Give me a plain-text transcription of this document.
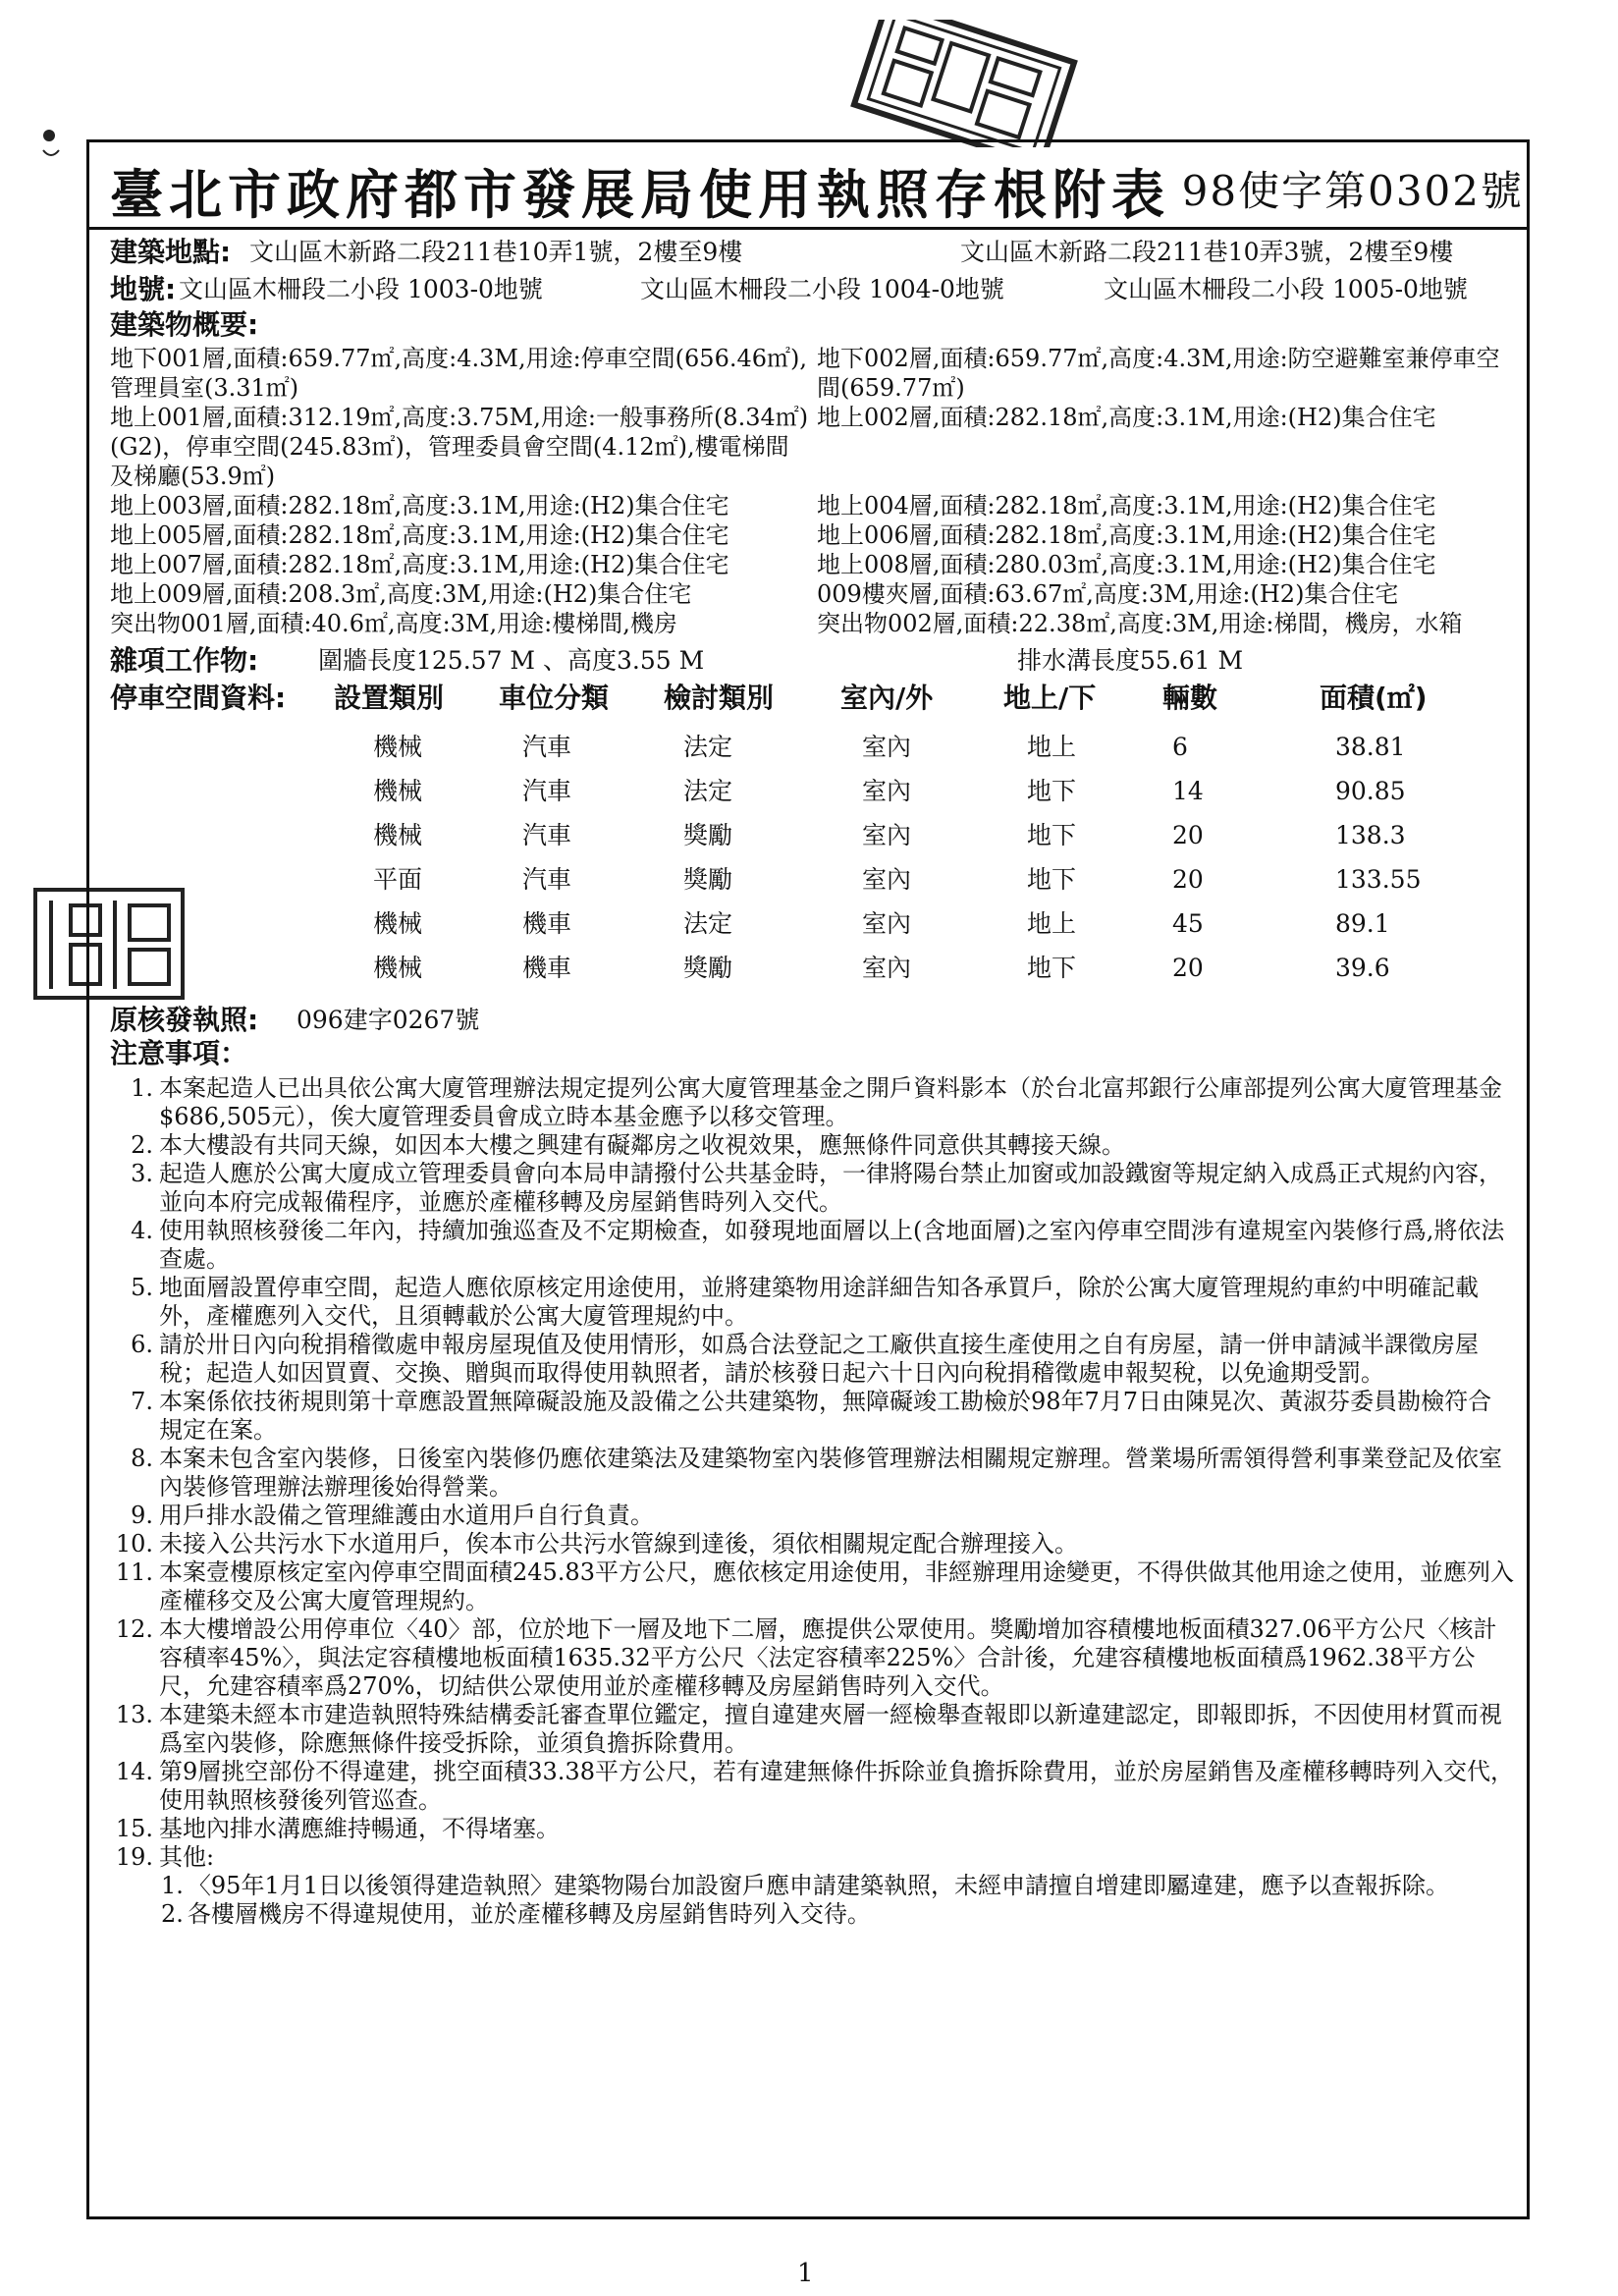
臺北市政府都市發展局使用執照存根附表 98使字第0302號
建築地點: 文山區木新路二段211巷10弄1號，2樓至9樓	文山區木新路二段211巷10弄3號，2樓至9樓
地號: 文山區木柵段二小段 1003-0地號	文山區木柵段二小段 1004-0地號	文山區木柵段二小段 1005-0地號
建築物概要:
地下001層,面積:659.77㎡,高度:4.3M,用途:停車空間(656.46㎡),管理員室(3.31㎡)
地下002層,面積:659.77㎡,高度:4.3M,用途:防空避難室兼停車空間(659.77㎡)
地上001層,面積:312.19㎡,高度:3.75M,用途:一般事務所(8.34㎡)(G2)，停車空間(245.83㎡)，管理委員會空間(4.12㎡),樓電梯間及梯廳(53.9㎡)
地上002層,面積:282.18㎡,高度:3.1M,用途:(H2)集合住宅
地上003層,面積:282.18㎡,高度:3.1M,用途:(H2)集合住宅	地上004層,面積:282.18㎡,高度:3.1M,用途:(H2)集合住宅
地上005層,面積:282.18㎡,高度:3.1M,用途:(H2)集合住宅	地上006層,面積:282.18㎡,高度:3.1M,用途:(H2)集合住宅
地上007層,面積:282.18㎡,高度:3.1M,用途:(H2)集合住宅	地上008層,面積:280.03㎡,高度:3.1M,用途:(H2)集合住宅
地上009層,面積:208.3㎡,高度:3M,用途:(H2)集合住宅	009樓夾層,面積:63.67㎡,高度:3M,用途:(H2)集合住宅
突出物001層,面積:40.6㎡,高度:3M,用途:樓梯間,機房	突出物002層,面積:22.38㎡,高度:3M,用途:梯間，機房，水箱
雜項工作物: 圍牆長度125.57 M 、高度3.55 M	排水溝長度55.61 M
停車空間資料: 設置類別 車位分類 檢討類別 室內/外	地上/下 輛數	面積(㎡)
機械	汽車	法定	室內	地上	6	38.81
機械	汽車	法定	室內	地下	14	90.85
機械	汽車	獎勵	室內	地下	20	138.3
平面	汽車	獎勵	室內	地下	20	133.55
機械	機車	法定	室內	地上	45	89.1
機械	機車	獎勵	室內	地下	20	39.6
原核發執照: 096建字0267號
注意事項：
1. 本案起造人已出具依公寓大廈管理辦法規定提列公寓大廈管理基金之開戶資料影本（於台北富邦銀行公庫部提列公寓大廈管理基金$686,505元），俟大廈管理委員會成立時本基金應予以移交管理。
2. 本大樓設有共同天線，如因本大樓之興建有礙鄰房之收視效果，應無條件同意供其轉接天線。
3. 起造人應於公寓大廈成立管理委員會向本局申請撥付公共基金時，一律將陽台禁止加窗或加設鐵窗等規定納入成爲正式規約內容，並向本府完成報備程序，並應於產權移轉及房屋銷售時列入交代。
4. 使用執照核發後二年內，持續加強巡查及不定期檢查，如發現地面層以上(含地面層)之室內停車空間涉有違規室內裝修行爲,將依法查處。
5. 地面層設置停車空間，起造人應依原核定用途使用，並將建築物用途詳細告知各承買戶，除於公寓大廈管理規約車約中明確記載外，產權應列入交代，且須轉載於公寓大廈管理規約中。
6. 請於卅日內向稅捐稽徵處申報房屋現值及使用情形，如爲合法登記之工廠供直接生產使用之自有房屋，請一併申請減半課徵房屋稅；起造人如因買賣、交換、贈與而取得使用執照者，請於核發日起六十日內向稅捐稽徵處申報契稅，以免逾期受罰。
7. 本案係依技術規則第十章應設置無障礙設施及設備之公共建築物，無障礙竣工勘檢於98年7月7日由陳晃次、黃淑芬委員勘檢符合規定在案。
8. 本案未包含室內裝修，日後室內裝修仍應依建築法及建築物室內裝修管理辦法相關規定辦理。營業場所需領得營利事業登記及依室內裝修管理辦法辦理後始得營業。
9. 用戶排水設備之管理維護由水道用戶自行負責。
10. 未接入公共污水下水道用戶，俟本市公共污水管線到達後，須依相關規定配合辦理接入。
11. 本案壹樓原核定室內停車空間面積245.83平方公尺，應依核定用途使用，非經辦理用途變更，不得供做其他用途之使用，並應列入產權移交及公寓大廈管理規約。
12. 本大樓增設公用停車位〈40〉部，位於地下一層及地下二層，應提供公眾使用。獎勵增加容積樓地板面積327.06平方公尺〈核計容積率45%〉，與法定容積樓地板面積1635.32平方公尺〈法定容積率225%〉合計後，允建容積樓地板面積爲1962.38平方公尺，允建容積率爲270%，切結供公眾使用並於產權移轉及房屋銷售時列入交代。
13. 本建築未經本市建造執照特殊結構委託審查單位鑑定，擅自違建夾層一經檢舉查報即以新違建認定，即報即拆，不因使用材質而視爲室內裝修，除應無條件接受拆除，並須負擔拆除費用。
14. 第9層挑空部份不得違建，挑空面積33.38平方公尺，若有違建無條件拆除並負擔拆除費用，並於房屋銷售及產權移轉時列入交代，使用執照核發後列管巡查。
15. 基地內排水溝應維持暢通，不得堵塞。
19. 其他:
1. 〈95年1月1日以後領得建造執照〉建築物陽台加設窗戶應申請建築執照，未經申請擅自增建即屬違建，應予以查報拆除。
2. 各樓層機房不得違規使用，並於產權移轉及房屋銷售時列入交待。
1
